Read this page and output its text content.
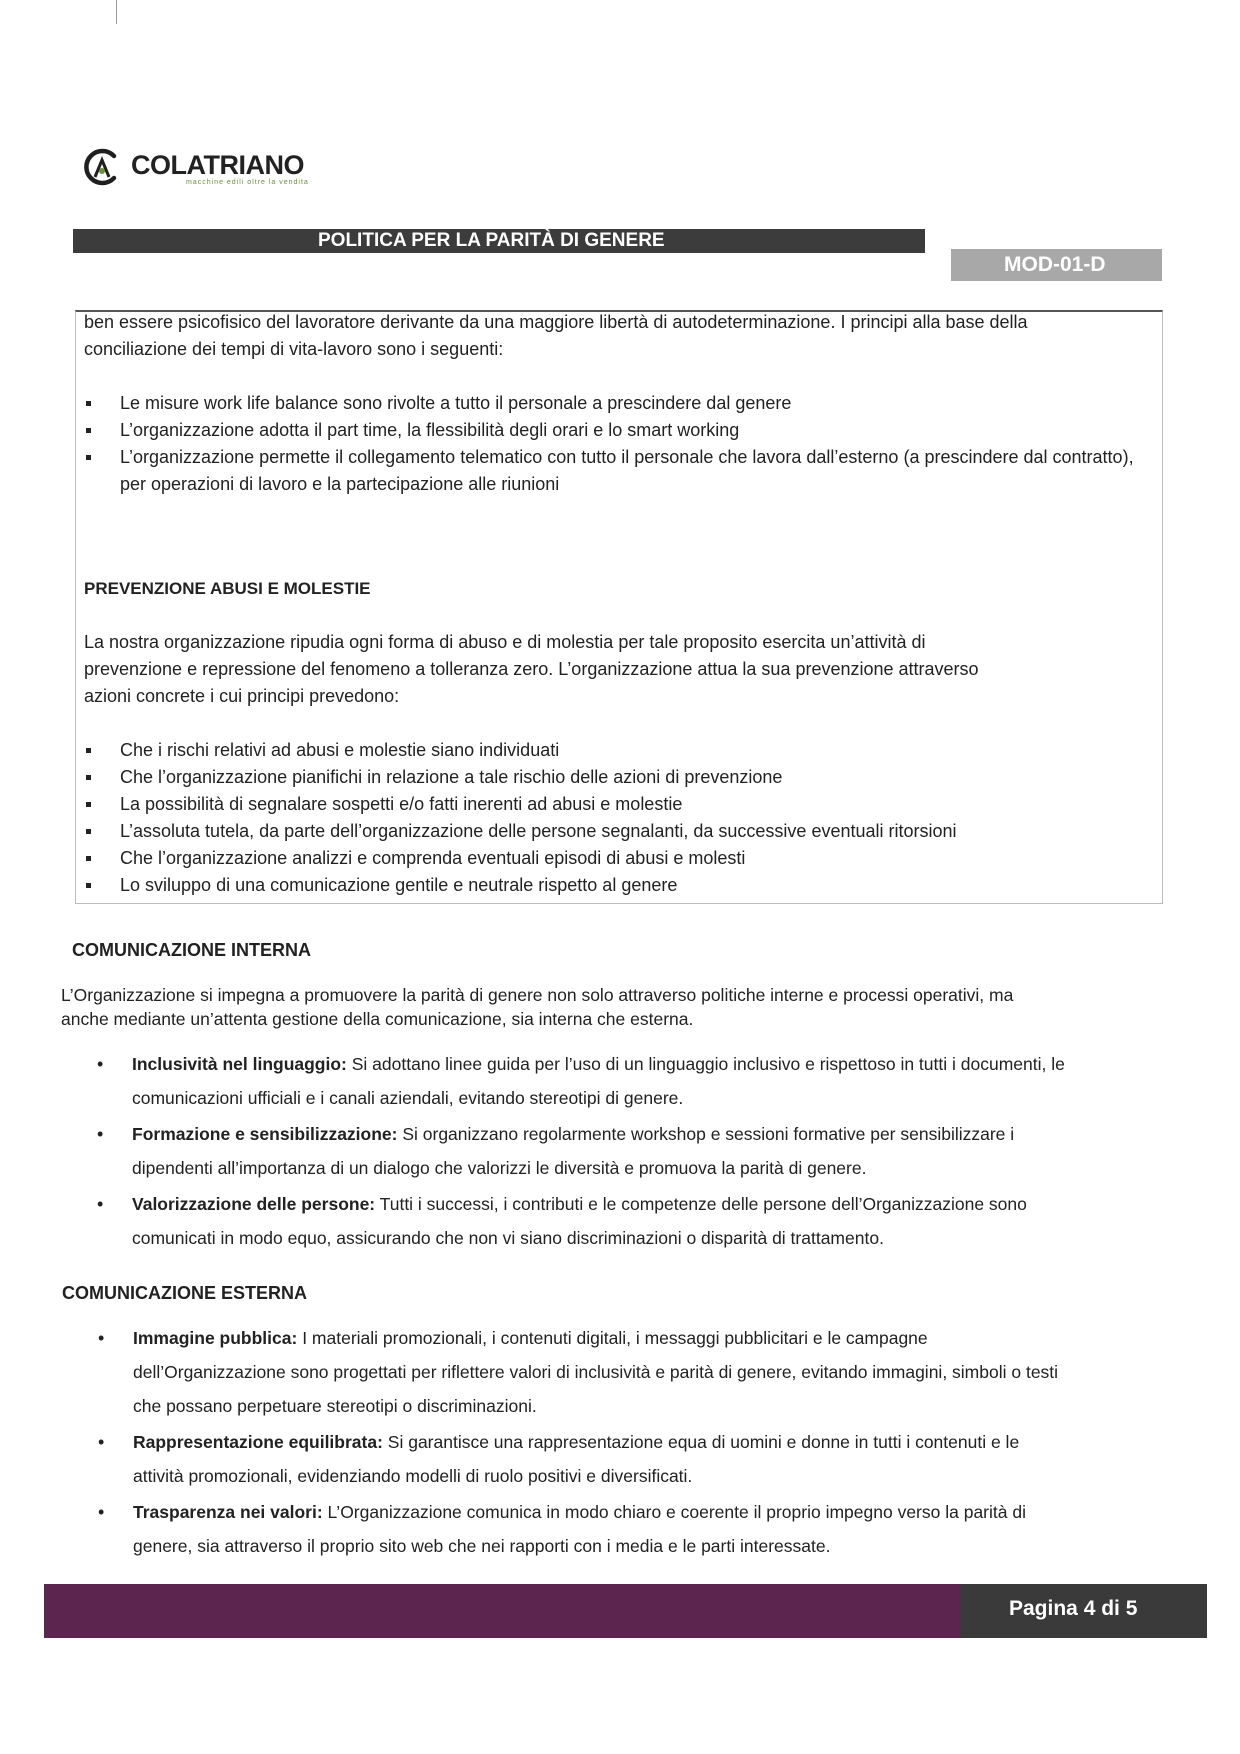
COLATRIANO
macchine edili oltre la vendita
POLITICA PER LA PARITÀ DI GENERE
MOD-01-D
ben essere psicofisico del lavoratore derivante da una maggiore libertà di autodeterminazione. I principi alla base della
conciliazione dei tempi di vita-lavoro sono i seguenti:
Le misure work life balance sono rivolte a tutto il personale a prescindere dal genere
L’organizzazione adotta il part time, la flessibilità degli orari e lo smart working
L’organizzazione permette il collegamento telematico con tutto il personale che lavora dall’esterno (a prescindere dal contratto), per operazioni di lavoro e la partecipazione alle riunioni
PREVENZIONE ABUSI E MOLESTIE
La nostra organizzazione ripudia ogni forma di abuso e di molestia per tale proposito esercita un’attività di
prevenzione e repressione del fenomeno a tolleranza zero. L’organizzazione attua la sua prevenzione attraverso
azioni concrete i cui principi prevedono:
Che i rischi relativi ad abusi e molestie siano individuati
Che l’organizzazione pianifichi in relazione a tale rischio delle azioni di prevenzione
La possibilità di segnalare sospetti e/o fatti inerenti ad abusi e molestie
L’assoluta tutela, da parte dell’organizzazione delle persone segnalanti, da successive eventuali ritorsioni
Che l’organizzazione analizzi e comprenda eventuali episodi di abusi e molesti
Lo sviluppo di una comunicazione gentile e neutrale rispetto al genere
COMUNICAZIONE INTERNA
L’Organizzazione si impegna a promuovere la parità di genere non solo attraverso politiche interne e processi operativi, ma
anche mediante un’attenta gestione della comunicazione, sia interna che esterna.
• Inclusività nel linguaggio: Si adottano linee guida per l’uso di un linguaggio inclusivo e rispettoso in tutti i documenti, le
comunicazioni ufficiali e i canali aziendali, evitando stereotipi di genere.
• Formazione e sensibilizzazione: Si organizzano regolarmente workshop e sessioni formative per sensibilizzare i
dipendenti all’importanza di un dialogo che valorizzi le diversità e promuova la parità di genere.
• Valorizzazione delle persone: Tutti i successi, i contributi e le competenze delle persone dell’Organizzazione sono
comunicati in modo equo, assicurando che non vi siano discriminazioni o disparità di trattamento.
COMUNICAZIONE ESTERNA
• Immagine pubblica: I materiali promozionali, i contenuti digitali, i messaggi pubblicitari e le campagne
dell’Organizzazione sono progettati per riflettere valori di inclusività e parità di genere, evitando immagini, simboli o testi
che possano perpetuare stereotipi o discriminazioni.
• Rappresentazione equilibrata: Si garantisce una rappresentazione equa di uomini e donne in tutti i contenuti e le
attività promozionali, evidenziando modelli di ruolo positivi e diversificati.
• Trasparenza nei valori: L’Organizzazione comunica in modo chiaro e coerente il proprio impegno verso la parità di
genere, sia attraverso il proprio sito web che nei rapporti con i media e le parti interessate.
Pagina 4 di 5
